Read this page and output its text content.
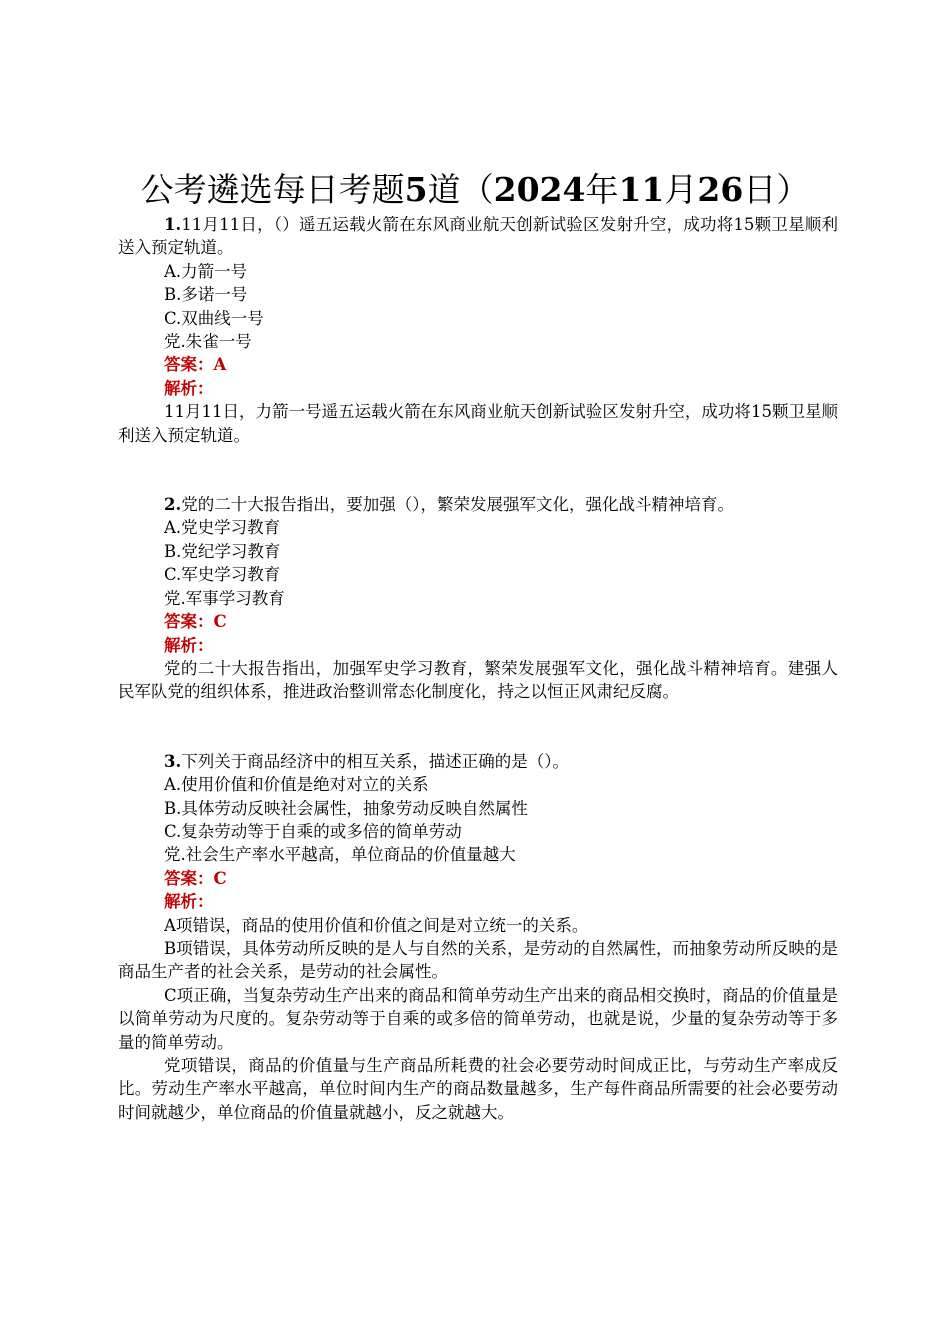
公考遴选每日考题5道（2024年11月26日）

1.11月11日，（）遥五运载火箭在东风商业航天创新试验区发射升空，成功将15颗卫星顺利送入预定轨道。

A.力箭一号

B.多诺一号

C.双曲线一号

党.朱雀一号

答案：A

解析：

11月11日，力箭一号遥五运载火箭在东风商业航天创新试验区发射升空，成功将15颗卫星顺利送入预定轨道。

2.党的二十大报告指出，要加强（），繁荣发展强军文化，强化战斗精神培育。

A.党史学习教育

B.党纪学习教育

C.军史学习教育

党.军事学习教育

答案：C

解析：

党的二十大报告指出，加强军史学习教育，繁荣发展强军文化，强化战斗精神培育。建强人民军队党的组织体系，推进政治整训常态化制度化，持之以恒正风肃纪反腐。

3.下列关于商品经济中的相互关系，描述正确的是（）。

A.使用价值和价值是绝对对立的关系

B.具体劳动反映社会属性，抽象劳动反映自然属性

C.复杂劳动等于自乘的或多倍的简单劳动

党.社会生产率水平越高，单位商品的价值量越大

答案：C

解析：

A项错误，商品的使用价值和价值之间是对立统一的关系。

B项错误，具体劳动所反映的是人与自然的关系，是劳动的自然属性，而抽象劳动所反映的是商品生产者的社会关系，是劳动的社会属性。

C项正确，当复杂劳动生产出来的商品和简单劳动生产出来的商品相交换时，商品的价值量是以简单劳动为尺度的。复杂劳动等于自乘的或多倍的简单劳动，也就是说，少量的复杂劳动等于多量的简单劳动。

党项错误，商品的价值量与生产商品所耗费的社会必要劳动时间成正比，与劳动生产率成反比。劳动生产率水平越高，单位时间内生产的商品数量越多，生产每件商品所需要的社会必要劳动时间就越少，单位商品的价值量就越小，反之就越大。
